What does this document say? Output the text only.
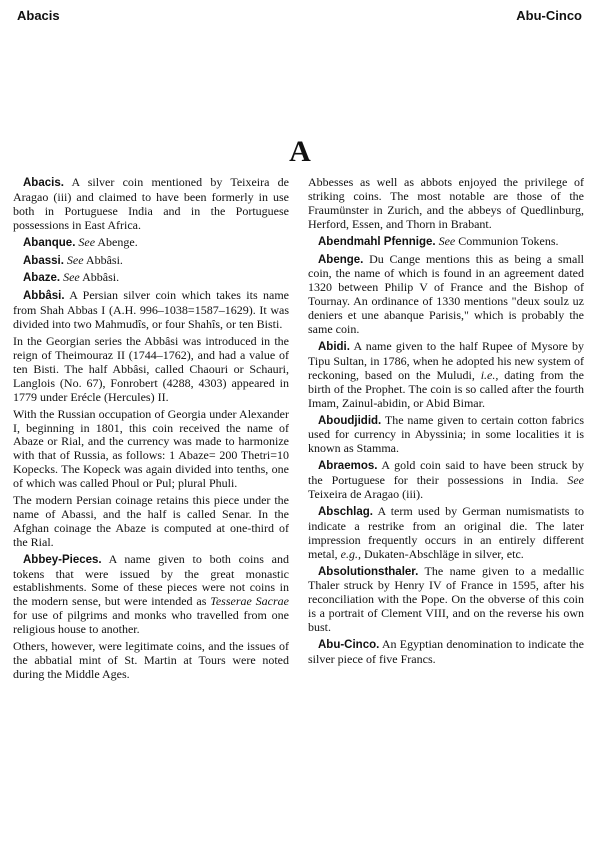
Abacis	Abu-Cinco
A

Abacis. A silver coin mentioned by Teixeira de Aragao (iii) and claimed to have been formerly in use both in Portuguese India and in the Portuguese possessions in East Africa.

Abanque. See Abenge.

Abassi. See Abbâsi.

Abaze. See Abbâsi.

Abbâsi. A Persian silver coin which takes its name from Shah Abbas I (A.H. 996–1038=1587–1629). It was divided into two Mahmudîs, or four Shahîs, or ten Bisti.

In the Georgian series the Abbâsi was introduced in the reign of Theimouraz II (1744–1762), and had a value of ten Bisti. The half Abbâsi, called Chaouri or Schauri, Langlois (No. 67), Fonrobert (4288, 4303) appeared in 1779 under Erécle (Hercules) II.

With the Russian occupation of Georgia under Alexander I, beginning in 1801, this coin received the name of Abaze or Rial, and the currency was made to harmonize with that of Russia, as follows: 1 Abaze= 200 Thetri=10 Kopecks. The Kopeck was again divided into tenths, one of which was called Phoul or Pul; plural Phuli.

The modern Persian coinage retains this piece under the name of Abassi, and the half is called Senar. In the Afghan coinage the Abaze is computed at one-third of the Rial.

Abbey-Pieces. A name given to both coins and tokens that were issued by the great monastic establishments. Some of these pieces were not coins in the modern sense, but were intended as Tesserae Sacrae for use of pilgrims and monks who travelled from one religious house to another.

Others, however, were legitimate coins, and the issues of the abbatial mint of St. Martin at Tours were noted during the Middle Ages.

Abbesses as well as abbots enjoyed the privilege of striking coins. The most notable are those of the Fraumünster in Zurich, and the abbeys of Quedlinburg, Herford, Essen, and Thorn in Brabant.

Abendmahl Pfennige. See Communion Tokens.

Abenge. Du Cange mentions this as being a small coin, the name of which is found in an agreement dated 1320 between Philip V of France and the Bishop of Tournay. An ordinance of 1330 mentions "deux soulz uz deniers et une abanque Parisis," which is probably the same coin.

Abidi. A name given to the half Rupee of Mysore by Tipu Sultan, in 1786, when he adopted his new system of reckoning, based on the Muludi, i.e., dating from the birth of the Prophet. The coin is so called after the fourth Imam, Zainul-abidin, or Abid Bimar.

Aboudjidid. The name given to certain cotton fabrics used for currency in Abyssinia; in some localities it is known as Stamma.

Abraemos. A gold coin said to have been struck by the Portuguese for their possessions in India. See Teixeira de Aragao (iii).

Abschlag. A term used by German numismatists to indicate a restrike from an original die. The later impression frequently occurs in an entirely different metal, e.g., Dukaten-Abschläge in silver, etc.

Absolutionsthaler. The name given to a medallic Thaler struck by Henry IV of France in 1595, after his reconciliation with the Pope. On the obverse of this coin is a portrait of Clement VIII, and on the reverse his own bust.

Abu-Cinco. An Egyptian denomination to indicate the silver piece of five Francs.
